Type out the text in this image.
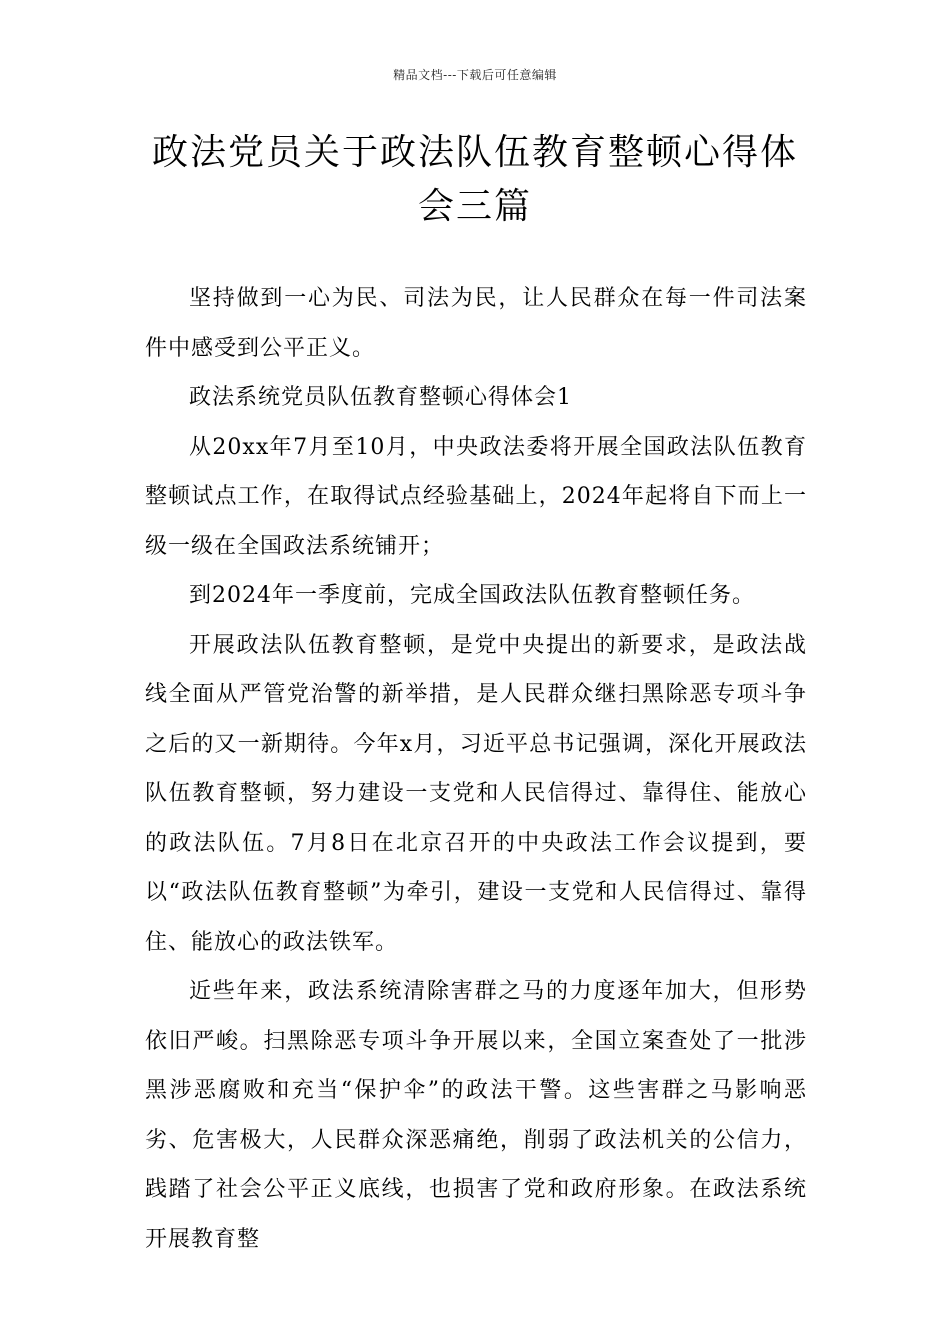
精品文档---下载后可任意编辑
政法党员关于政法队伍教育整顿心得体会三篇

坚持做到一心为民、司法为民，让人民群众在每一件司法案件中感受到公平正义。

政法系统党员队伍教育整顿心得体会1

从20xx年7月至10月，中央政法委将开展全国政法队伍教育整顿试点工作，在取得试点经验基础上，2024年起将自下而上一级一级在全国政法系统铺开；

到2024年一季度前，完成全国政法队伍教育整顿任务。

开展政法队伍教育整顿，是党中央提出的新要求，是政法战线全面从严管党治警的新举措，是人民群众继扫黑除恶专项斗争之后的又一新期待。今年x月，习近平总书记强调，深化开展政法队伍教育整顿，努力建设一支党和人民信得过、靠得住、能放心的政法队伍。7月8日在北京召开的中央政法工作会议提到，要以“政法队伍教育整顿”为牵引，建设一支党和人民信得过、靠得住、能放心的政法铁军。

近些年来，政法系统清除害群之马的力度逐年加大，但形势依旧严峻。扫黑除恶专项斗争开展以来，全国立案查处了一批涉黑涉恶腐败和充当“保护伞”的政法干警。这些害群之马影响恶劣、危害极大，人民群众深恶痛绝，削弱了政法机关的公信力，践踏了社会公平正义底线，也损害了党和政府形象。在政法系统开展教育整
